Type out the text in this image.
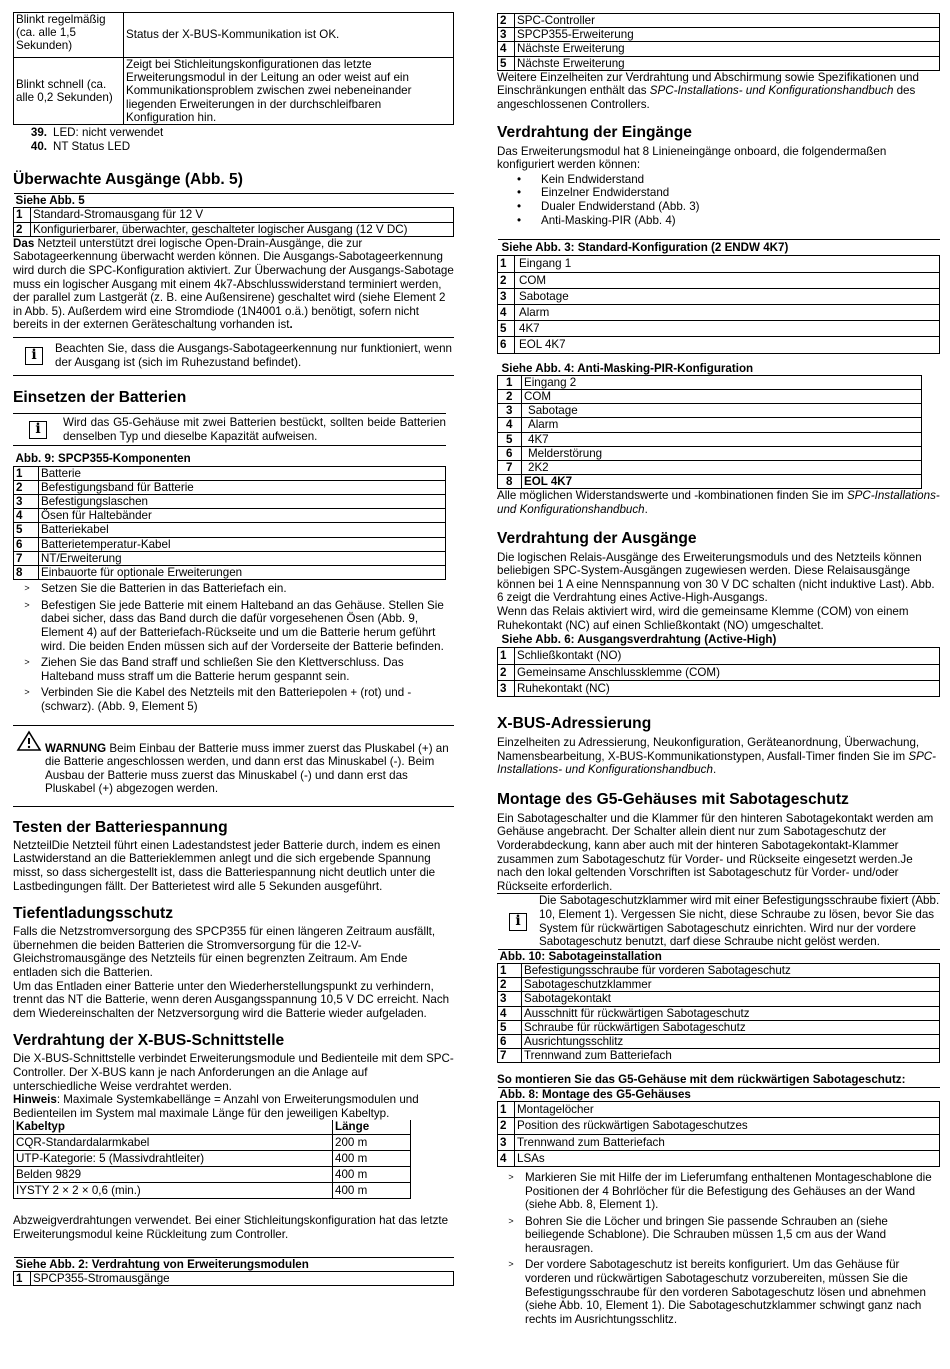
Blinkt regelmäßig (ca. alle 1,5 Sekunden)	Status der X-BUS-Kommunikation ist OK.
Blinkt schnell (ca. alle 0,2 Sekunden)	Zeigt bei Stichleitungskonfigurationen das letzte Erweiterungsmodul in der Leitung an oder weist auf ein Kommunikationsproblem zwischen zwei nebeneinander liegenden Erweiterungen in der durchschleifbaren Konfiguration hin.
39. LED: nicht verwendet
40. NT Status LED
Überwachte Ausgänge (Abb. 5)
Siehe Abb. 5	
1	Standard-Stromausgang für 12 V
2	Konfigurierbarer, überwachter, geschalteter logischer Ausgang (12 V DC)

Das Netzteil unterstützt drei logische Open-Drain-Ausgänge, die zur Sabotageerkennung überwacht werden können. Die Ausgangs-Sabotageerkennung wird durch die SPC-Konfiguration aktiviert. Zur Überwachung der Ausgangs-Sabotage muss ein logischer Ausgang mit einem 4k7-Abschlusswiderstand terminiert werden, der parallel zum Lastgerät (z. B. eine Außensirene) geschaltet wird (siehe Element 2 in Abb. 5). Außerdem wird eine Stromdiode (1N4001 o.ä.) benötigt, sofern nicht bereits in der externen Geräteschaltung vorhanden ist.

i	Beachten Sie, dass die Ausgangs-Sabotageerkennung nur funktioniert, wenn der Ausgang ist (sich im Ruhezustand befindet).
Einsetzen der Batterien
i	Wird das G5-Gehäuse mit zwei Batterien bestückt, sollten beide Batterien denselben Typ und dieselbe Kapazität aufweisen.
Abb. 9: SPCP355-Komponenten	
1	Batterie
2	Befestigungsband für Batterie
3	Befestigungslaschen
4	Ösen für Haltebänder
5	Batteriekabel
6	Batterietemperatur-Kabel
7	NT/Erweiterung
8	Einbauorte für optionale Erweiterungen
> Setzen Sie die Batterien in das Batteriefach ein.
> Befestigen Sie jede Batterie mit einem Halteband an das Gehäuse. Stellen Sie dabei sicher, dass das Band durch die dafür vorgesehenen Ösen (Abb. 9, Element 4) auf der Batteriefach-Rückseite und um die Batterie herum geführt wird. Die beiden Enden müssen sich auf der Vorderseite der Batterie befinden.
> Ziehen Sie das Band straff und schließen Sie den Klettverschluss. Das Halteband muss straff um die Batterie herum gespannt sein.
> Verbinden Sie die Kabel des Netzteils mit den Batteriepolen + (rot) und - (schwarz). (Abb. 9, Element 5)
WARNUNG Beim Einbau der Batterie muss immer zuerst das Pluskabel (+) an die Batterie angeschlossen werden, und dann erst das Minuskabel (-). Beim Ausbau der Batterie muss zuerst das Minuskabel (-) und dann erst das Pluskabel (+) abgezogen werden.
Testen der Batteriespannung

NetzteilDie Netzteil führt einen Ladestandstest jeder Batterie durch, indem es einen Lastwiderstand an die Batterieklemmen anlegt und die sich ergebende Spannung misst, so dass sichergestellt ist, dass die Batteriespannung nicht deutlich unter die Lastbedingungen fällt. Der Batterietest wird alle 5 Sekunden ausgeführt.

Tiefentladungsschutz

Falls die Netzstromversorgung des SPCP355 für einen längeren Zeitraum ausfällt, übernehmen die beiden Batterien die Stromversorgung für die 12-V-Gleichstromausgänge des Netzteils für einen begrenzten Zeitraum. Am Ende entladen sich die Batterien.

Um das Entladen einer Batterie unter den Wiederherstellungspunkt zu verhindern, trennt das NT die Batterie, wenn deren Ausgangsspannung 10,5 V DC erreicht. Nach dem Wiedereinschalten der Netzversorgung wird die Batterie wieder aufgeladen.

Verdrahtung der X-BUS-Schnittstelle

Die X-BUS-Schnittstelle verbindet Erweiterungsmodule und Bedienteile mit dem SPC-Controller. Der X-BUS kann je nach Anforderungen an die Anlage auf unterschiedliche Weise verdrahtet werden.

Hinweis: Maximale Systemkabellänge = Anzahl von Erweiterungsmodulen und Bedienteilen im System mal maximale Länge für den jeweiligen Kabeltyp.

Kabeltyp	Länge
CQR-Standardalarmkabel	200 m
UTP-Kategorie: 5 (Massivdrahtleiter)	400 m
Belden 9829	400 m
IYSTY 2 × 2 × 0,6 (min.)	400 m

Abzweigverdrahtungen verwendet. Bei einer Stichleitungskonfiguration hat das letzte Erweiterungsmodul keine Rückleitung zum Controller.

Siehe Abb. 2: Verdrahtung von Erweiterungsmodulen
1	SPCP355-Stromausgänge
2	SPC-Controller
3	SPCP355-Erweiterung
4	Nächste Erweiterung
5	Nächste Erweiterung

Weitere Einzelheiten zur Verdrahtung und Abschirmung sowie Spezifikationen und Einschränkungen enthält das SPC-Installations- und Konfigurationshandbuch des angeschlossenen Controllers.

Verdrahtung der Eingänge

Das Erweiterungsmodul hat 8 Linieneingänge onboard, die folgendermaßen konfiguriert werden können:

•	Kein Endwiderstand
•	Einzelner Endwiderstand
•	Dualer Endwiderstand (Abb. 3)
•	Anti-Masking-PIR (Abb. 4)
Siehe Abb. 3: Standard-Konfiguration (2 ENDW 4K7)	
1	Eingang 1
2	COM
3	Sabotage
4	Alarm
5	4K7
6	EOL 4K7
Siehe Abb. 4: Anti-Masking-PIR-Konfiguration	
1	Eingang 2
2	COM
3	Sabotage
4	Alarm
5	4K7
6	Melderstörung
7	2K2
8	EOL 4K7

Alle möglichen Widerstandswerte und -kombinationen finden Sie im SPC-Installations- und Konfigurationshandbuch.

Verdrahtung der Ausgänge

Die logischen Relais-Ausgänge des Erweiterungsmoduls und des Netzteils können beliebigen SPC-System-Ausgängen zugewiesen werden. Diese Relaisausgänge können bei 1 A eine Nennspannung von 30 V DC schalten (nicht induktive Last). Abb. 6 zeigt die Verdrahtung eines Active-High-Ausgangs.

Wenn das Relais aktiviert wird, wird die gemeinsame Klemme (COM) von einem Ruhekontakt (NC) auf einen Schließkontakt (NO) umgeschaltet.

Siehe Abb. 6: Ausgangsverdrahtung (Active-High)	
1	Schließkontakt (NO)
2	Gemeinsame Anschlussklemme (COM)
3	Ruhekontakt (NC)
X-BUS-Adressierung

Einzelheiten zu Adressierung, Neukonfiguration, Geräteanordnung, Überwachung, Namensbearbeitung, X-BUS-Kommunikationstypen, Ausfall-Timer finden Sie im SPC-Installations- und Konfigurationshandbuch.

Montage des G5-Gehäuses mit Sabotageschutz

Ein Sabotageschalter und die Klammer für den hinteren Sabotagekontakt werden am Gehäuse angebracht. Der Schalter allein dient nur zum Sabotageschutz der Vorderabdeckung, kann aber auch mit der hinteren Sabotagekontakt-Klammer zusammen zum Sabotageschutz für Vorder- und Rückseite eingesetzt werden.Je nach den lokal geltenden Vorschriften ist Sabotageschutz für Vorder- und/oder Rückseite erforderlich.

i
Die Sabotageschutzklammer wird mit einer Befestigungsschraube fixiert (Abb. 10, Element 1). Vergessen Sie nicht, diese Schraube zu lösen, bevor Sie das System für rückwärtigen Sabotageschutz einrichten. Wird nur der vordere Sabotageschutz benutzt, darf diese Schraube nicht gelöst werden.
Abb. 10: Sabotageinstallation	
1	Befestigungsschraube für vorderen Sabotageschutz
2	Sabotageschutzklammer
3	Sabotagekontakt
4	Ausschnitt für rückwärtigen Sabotageschutz
5	Schraube für rückwärtigen Sabotageschutz
6	Ausrichtungsschlitz
7	Trennwand zum Batteriefach

So montieren Sie das G5-Gehäuse mit dem rückwärtigen Sabotageschutz:

Abb. 8: Montage des G5-Gehäuses	
1	Montagelöcher
2	Position des rückwärtigen Sabotageschutzes
3	Trennwand zum Batteriefach
4	LSAs
> Markieren Sie mit Hilfe der im Lieferumfang enthaltenen Montageschablone die Positionen der 4 Bohrlöcher für die Befestigung des Gehäuses an der Wand (siehe Abb. 8, Element 1).
> Bohren Sie die Löcher und bringen Sie passende Schrauben an (siehe beiliegende Schablone). Die Schrauben müssen 1,5 cm aus der Wand herausragen.
> Der vordere Sabotageschutz ist bereits konfiguriert. Um das Gehäuse für vorderen und rückwärtigen Sabotageschutz vorzubereiten, müssen Sie die Befestigungsschraube für den vorderen Sabotageschutz lösen und abnehmen (siehe Abb. 10, Element 1). Die Sabotageschutzklammer schwingt ganz nach rechts im Ausrichtungsschlitz.
